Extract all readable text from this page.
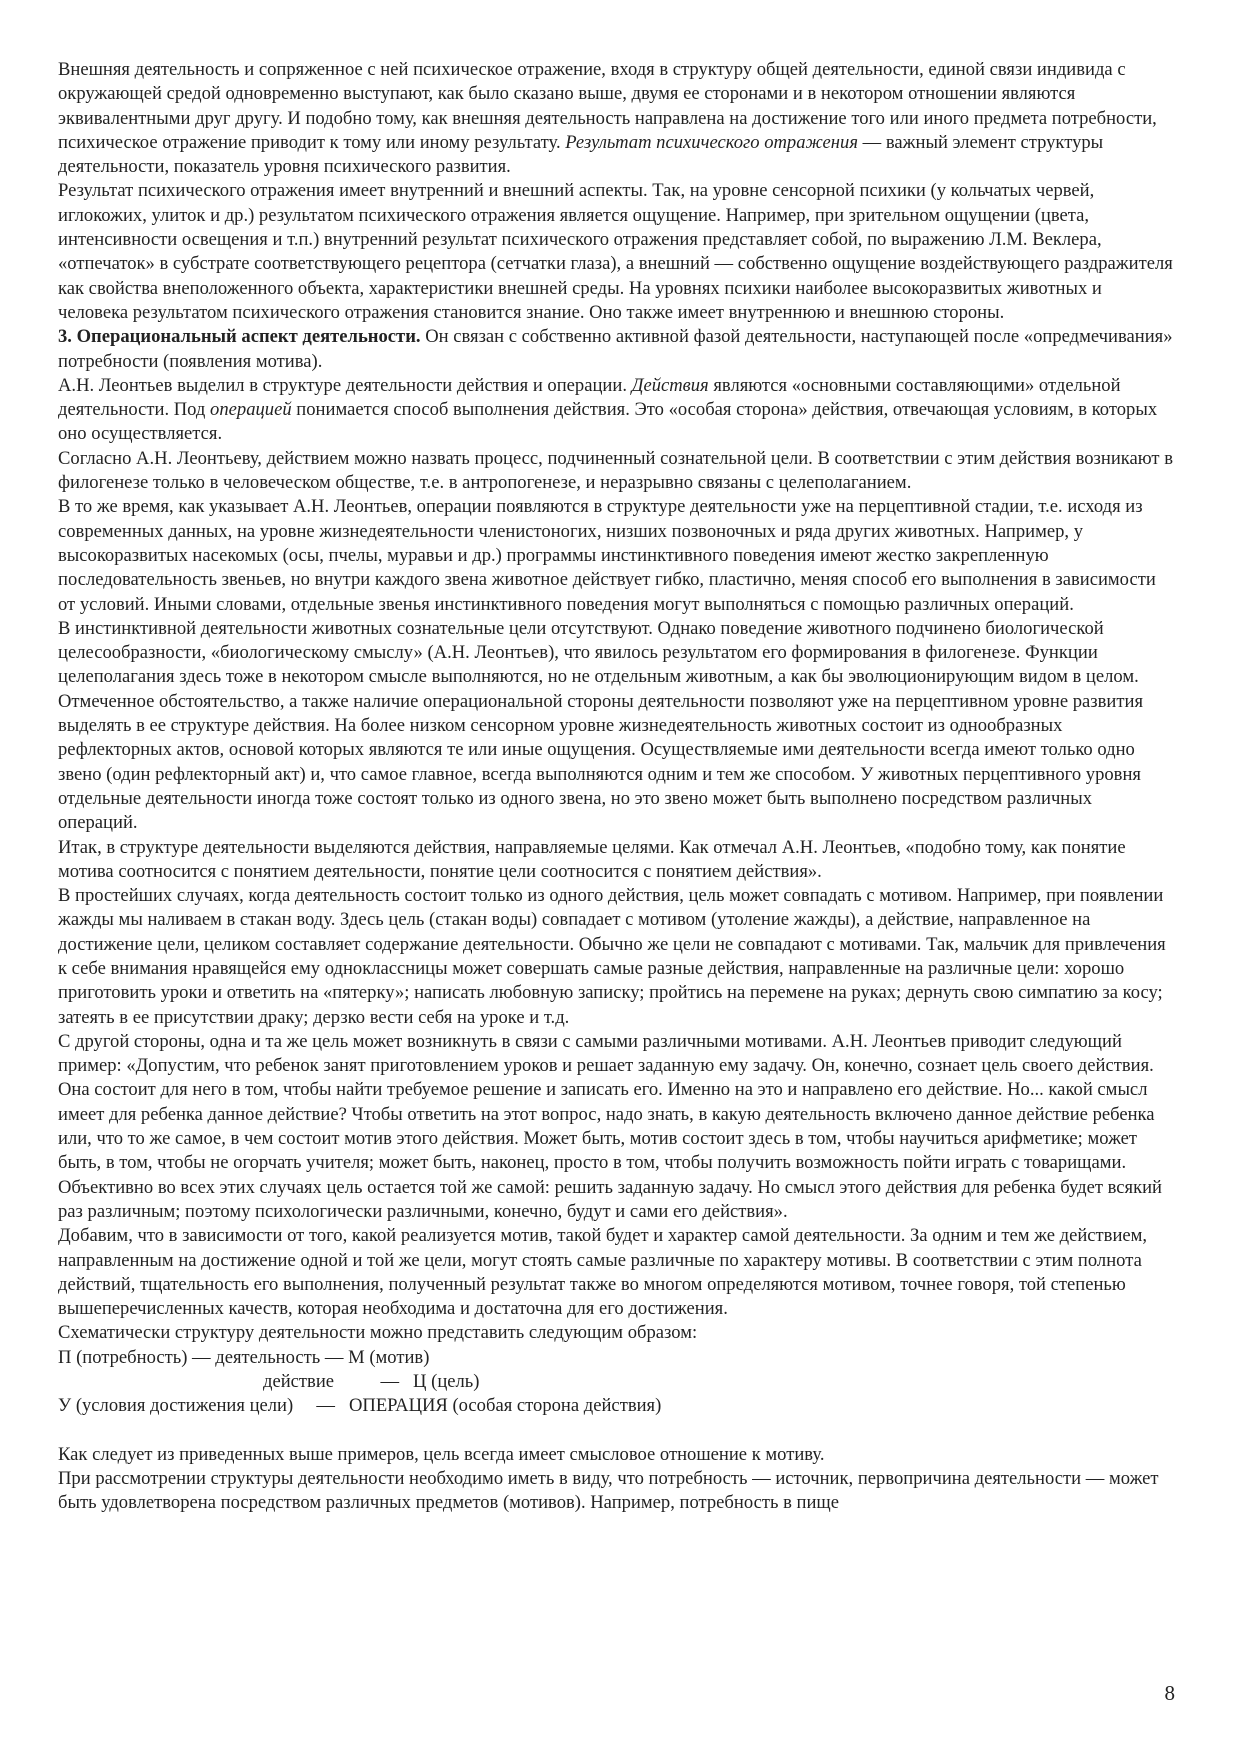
Внешняя деятельность и сопряженное с ней психическое отражение, входя в структуру общей деятельности, единой связи индивида с окружающей средой одновременно выступают, как было сказано выше, двумя ее сторонами и в некотором отношении являются эквивалентными друг другу. И подобно тому, как внешняя деятельность направлена на достижение того или иного предмета потребности, психическое отражение приводит к тому или иному результату. Результат психического отражения — важный элемент структуры деятельности, показатель уровня психического развития.

Результат психического отражения имеет внутренний и внешний аспекты. Так, на уровне сенсорной психики (у кольчатых червей, иглокожих, улиток и др.) результатом психического отражения является ощущение. Например, при зрительном ощущении (цвета, интенсивности освещения и т.п.) внутренний результат психического отражения представляет собой, по выражению Л.М. Веклера, «отпечаток» в субстрате соответствующего рецептора (сетчатки глаза), а внешний — собственно ощущение воздействующего раздражителя как свойства внеположенного объекта, характеристики внешней среды. На уровнях психики наиболее высокоразвитых животных и человека результатом психического отражения становится знание. Оно также имеет внутреннюю и внешнюю стороны.

3. Операциональный аспект деятельности. Он связан с собственно активной фазой деятельности, наступающей после «опредмечивания» потребности (появления мотива).

А.Н. Леонтьев выделил в структуре деятельности действия и операции. Действия являются «основными составляющими» отдельной деятельности. Под операцией понимается способ выполнения действия. Это «особая сторона» действия, отвечающая условиям, в которых оно осуществляется.

Согласно А.Н. Леонтьеву, действием можно назвать процесс, подчиненный сознательной цели. В соответствии с этим действия возникают в филогенезе только в человеческом обществе, т.е. в антропогенезе, и неразрывно связаны с целеполаганием.

В то же время, как указывает А.Н. Леонтьев, операции появляются в структуре деятельности уже на перцептивной стадии, т.е. исходя из современных данных, на уровне жизнедеятельности членистоногих, низших позвоночных и ряда других животных. Например, у высокоразвитых насекомых (осы, пчелы, муравьи и др.) программы инстинктивного поведения имеют жестко закрепленную последовательность звеньев, но внутри каждого звена животное действует гибко, пластично, меняя способ его выполнения в зависимости от условий. Иными словами, отдельные звенья инстинктивного поведения могут выполняться с помощью различных операций.

В инстинктивной деятельности животных сознательные цели отсутствуют. Однако поведение животного подчинено биологической целесообразности, «биологическому смыслу» (А.Н. Леонтьев), что явилось результатом его формирования в филогенезе. Функции целеполагания здесь тоже в некотором смысле выполняются, но не отдельным животным, а как бы эволюционирующим видом в целом.

Отмеченное обстоятельство, а также наличие операциональной стороны деятельности позволяют уже на перцептивном уровне развития выделять в ее структуре действия. На более низком сенсорном уровне жизнедеятельность животных состоит из однообразных рефлекторных актов, основой которых являются те или иные ощущения. Осуществляемые ими деятельности всегда имеют только одно звено (один рефлекторный акт) и, что самое главное, всегда выполняются одним и тем же способом. У животных перцептивного уровня отдельные деятельности иногда тоже состоят только из одного звена, но это звено может быть выполнено посредством различных операций.

Итак, в структуре деятельности выделяются действия, направляемые целями. Как отмечал А.Н. Леонтьев, «подобно тому, как понятие мотива соотносится с понятием деятельности, понятие цели соотносится с понятием действия».

В простейших случаях, когда деятельность состоит только из одного действия, цель может совпадать с мотивом. Например, при появлении жажды мы наливаем в стакан воду. Здесь цель (стакан воды) совпадает с мотивом (утоление жажды), а действие, направленное на достижение цели, целиком составляет содержание деятельности. Обычно же цели не совпадают с мотивами. Так, мальчик для привлечения к себе внимания нравящейся ему одноклассницы может совершать самые разные действия, направленные на различные цели: хорошо приготовить уроки и ответить на «пятерку»; написать любовную записку; пройтись на перемене на руках; дернуть свою симпатию за косу; затеять в ее присутствии драку; дерзко вести себя на уроке и т.д.

С другой стороны, одна и та же цель может возникнуть в связи с самыми различными мотивами. А.Н. Леонтьев приводит следующий пример: «Допустим, что ребенок занят приготовлением уроков и решает заданную ему задачу. Он, конечно, сознает цель своего действия. Она состоит для него в том, чтобы найти требуемое решение и записать его. Именно на это и направлено его действие. Но... какой смысл имеет для ребенка данное действие? Чтобы ответить на этот вопрос, надо знать, в какую деятельность включено данное действие ребенка или, что то же самое, в чем состоит мотив этого действия. Может быть, мотив состоит здесь в том, чтобы научиться арифметике; может быть, в том, чтобы не огорчать учителя; может быть, наконец, просто в том, чтобы получить возможность пойти играть с товарищами. Объективно во всех этих случаях цель остается той же самой: решить заданную задачу. Но смысл этого действия для ребенка будет всякий раз различным; поэтому психологически различными, конечно, будут и сами его действия».

Добавим, что в зависимости от того, какой реализуется мотив, такой будет и характер самой деятельности. За одним и тем же действием, направленным на достижение одной и той же цели, могут стоять самые различные по характеру мотивы. В соответствии с этим полнота действий, тщательность его выполнения, полученный результат также во многом определяются мотивом, точнее говоря, той степенью вышеперечисленных качеств, которая необходима и достаточна для его достижения.

Схематически структуру деятельности можно представить следующим образом:

П (потребность) — деятельность — М (мотив)

действие          —   Ц (цель)

У (условия достижения цели)     —   ОПЕРАЦИЯ (особая сторона действия)

Как следует из приведенных выше примеров, цель всегда имеет смысловое отношение к мотиву.

При рассмотрении структуры деятельности необходимо иметь в виду, что потребность — источник, первопричина деятельности — может быть удовлетворена посредством различных предметов (мотивов). Например, потребность в пище

8
